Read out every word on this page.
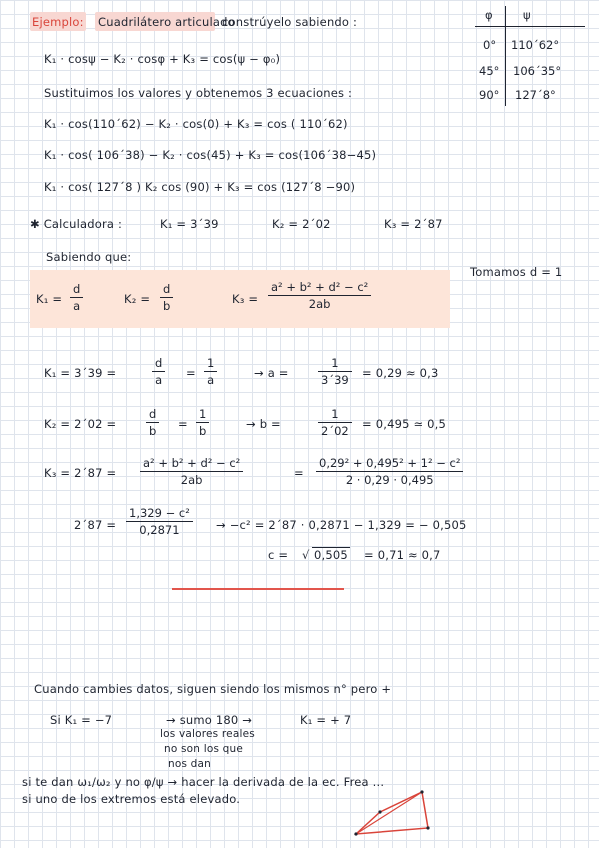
Ejemplo: Cuadrilátero articulado
constrúyelo sabiendo :	φ	ψ
0° 110´62°
45° 106´35°
90° 127´8°
K₁ · cosψ − K₂ · cosφ + K₃ = cos(ψ − φ₀)
Sustituimos los valores y obtenemos 3 ecuaciones :
K₁ · cos(110´62) − K₂ · cos(0) + K₃ = cos ( 110´62)
K₁ · cos( 106´38) − K₂ · cos(45) + K₃ = cos(106´38−45)
K₁ · cos( 127´8 ) K₂ cos (90) + K₃ = cos (127´8 −90)
✱ Calculadora :	K₁ = 3´39	K₂ = 2´02	K₃ = 2´87
Sabiendo que:
Tomamos d = 1
K₁ =
d
a	K₂ =
d
b	K₃ =
a² + b² + d² − c²
2ab
K₁ = 3´39 =
d
a =
1
a	→ a =
1
3´39 = 0,29 ≈ 0,3
K₂ = 2´02 =
d
b =
1
b	→ b =
1
2´02 = 0,495 ≃ 0,5
K₃ = 2´87 =
a² + b² + d² − c²
2ab	=
0,29² + 0,495² + 1² − c²
2 · 0,29 · 0,495
2´87 =
1,329 − c²
0,2871	→ −c² = 2´87 · 0,2871 − 1,329 = − 0,505
c = √ 0,505 = 0,71 ≈ 0,7
Cuando cambies datos, siguen siendo los mismos n° pero +
Si K₁ = −7	→ sumo 180 →	K₁ = + 7
los valores reales
no son los que
nos dan
si te dan ω₁/ω₂ y no φ/ψ → hacer la derivada de la ec. Frea ...
si uno de los extremos está elevado.
